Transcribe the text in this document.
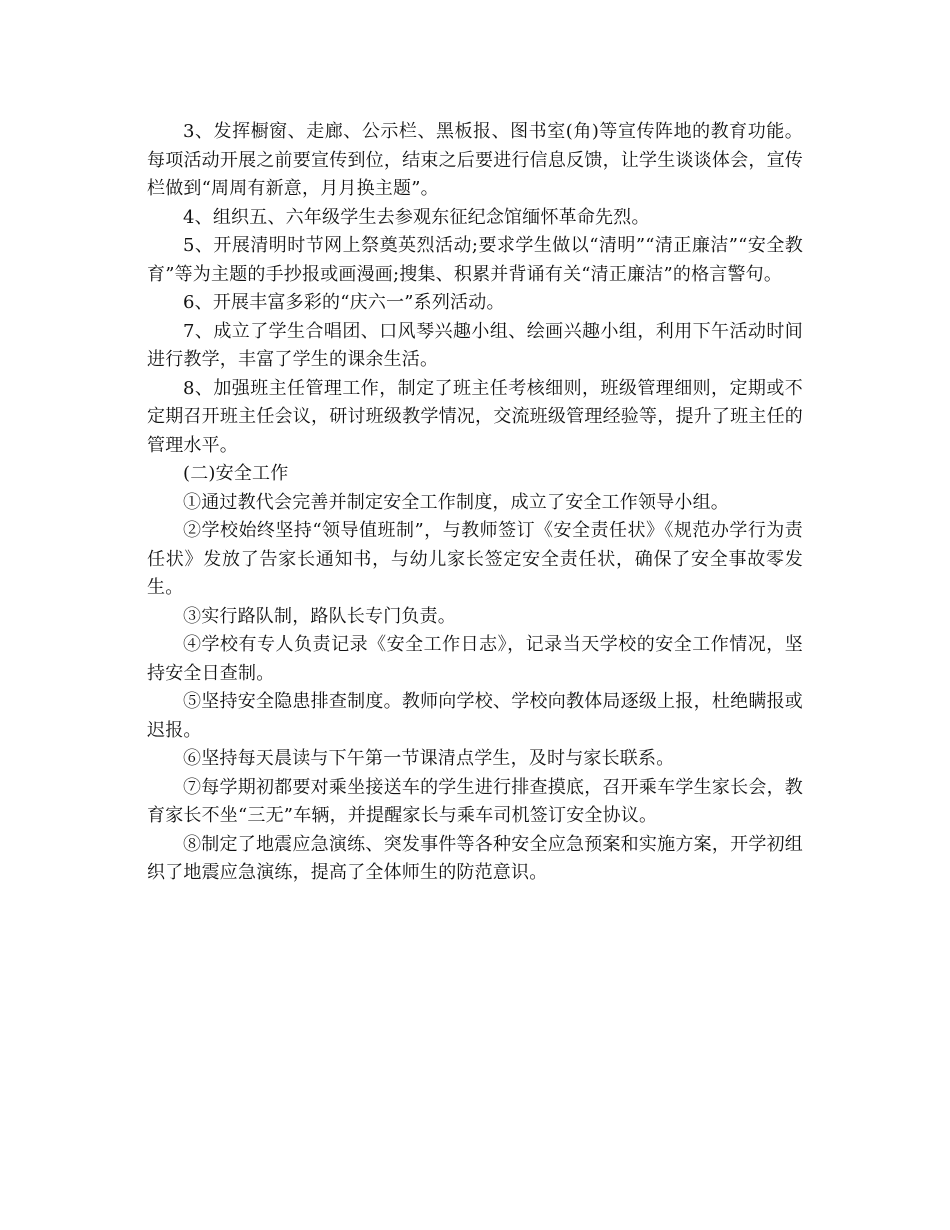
3、发挥橱窗、走廊、公示栏、黑板报、图书室(角)等宣传阵地的教育功能。每项活动开展之前要宣传到位，结束之后要进行信息反馈，让学生谈谈体会，宣传栏做到“周周有新意，月月换主题”。

4、组织五、六年级学生去参观东征纪念馆缅怀革命先烈。

5、开展清明时节网上祭奠英烈活动;要求学生做以“清明”“清正廉洁”“安全教育”等为主题的手抄报或画漫画;搜集、积累并背诵有关“清正廉洁”的格言警句。

6、开展丰富多彩的“庆六一”系列活动。

7、成立了学生合唱团、口风琴兴趣小组、绘画兴趣小组，利用下午活动时间进行教学，丰富了学生的课余生活。

8、加强班主任管理工作，制定了班主任考核细则，班级管理细则，定期或不定期召开班主任会议，研讨班级教学情况，交流班级管理经验等，提升了班主任的管理水平。

(二)安全工作

①通过教代会完善并制定安全工作制度，成立了安全工作领导小组。

②学校始终坚持“领导值班制”，与教师签订《安全责任状》《规范办学行为责任状》发放了告家长通知书，与幼儿家长签定安全责任状，确保了安全事故零发生。

③实行路队制，路队长专门负责。

④学校有专人负责记录《安全工作日志》，记录当天学校的安全工作情况，坚持安全日查制。

⑤坚持安全隐患排查制度。教师向学校、学校向教体局逐级上报，杜绝瞒报或迟报。

⑥坚持每天晨读与下午第一节课清点学生，及时与家长联系。

⑦每学期初都要对乘坐接送车的学生进行排查摸底，召开乘车学生家长会，教育家长不坐“三无”车辆，并提醒家长与乘车司机签订安全协议。

⑧制定了地震应急演练、突发事件等各种安全应急预案和实施方案，开学初组织了地震应急演练，提高了全体师生的防范意识。
